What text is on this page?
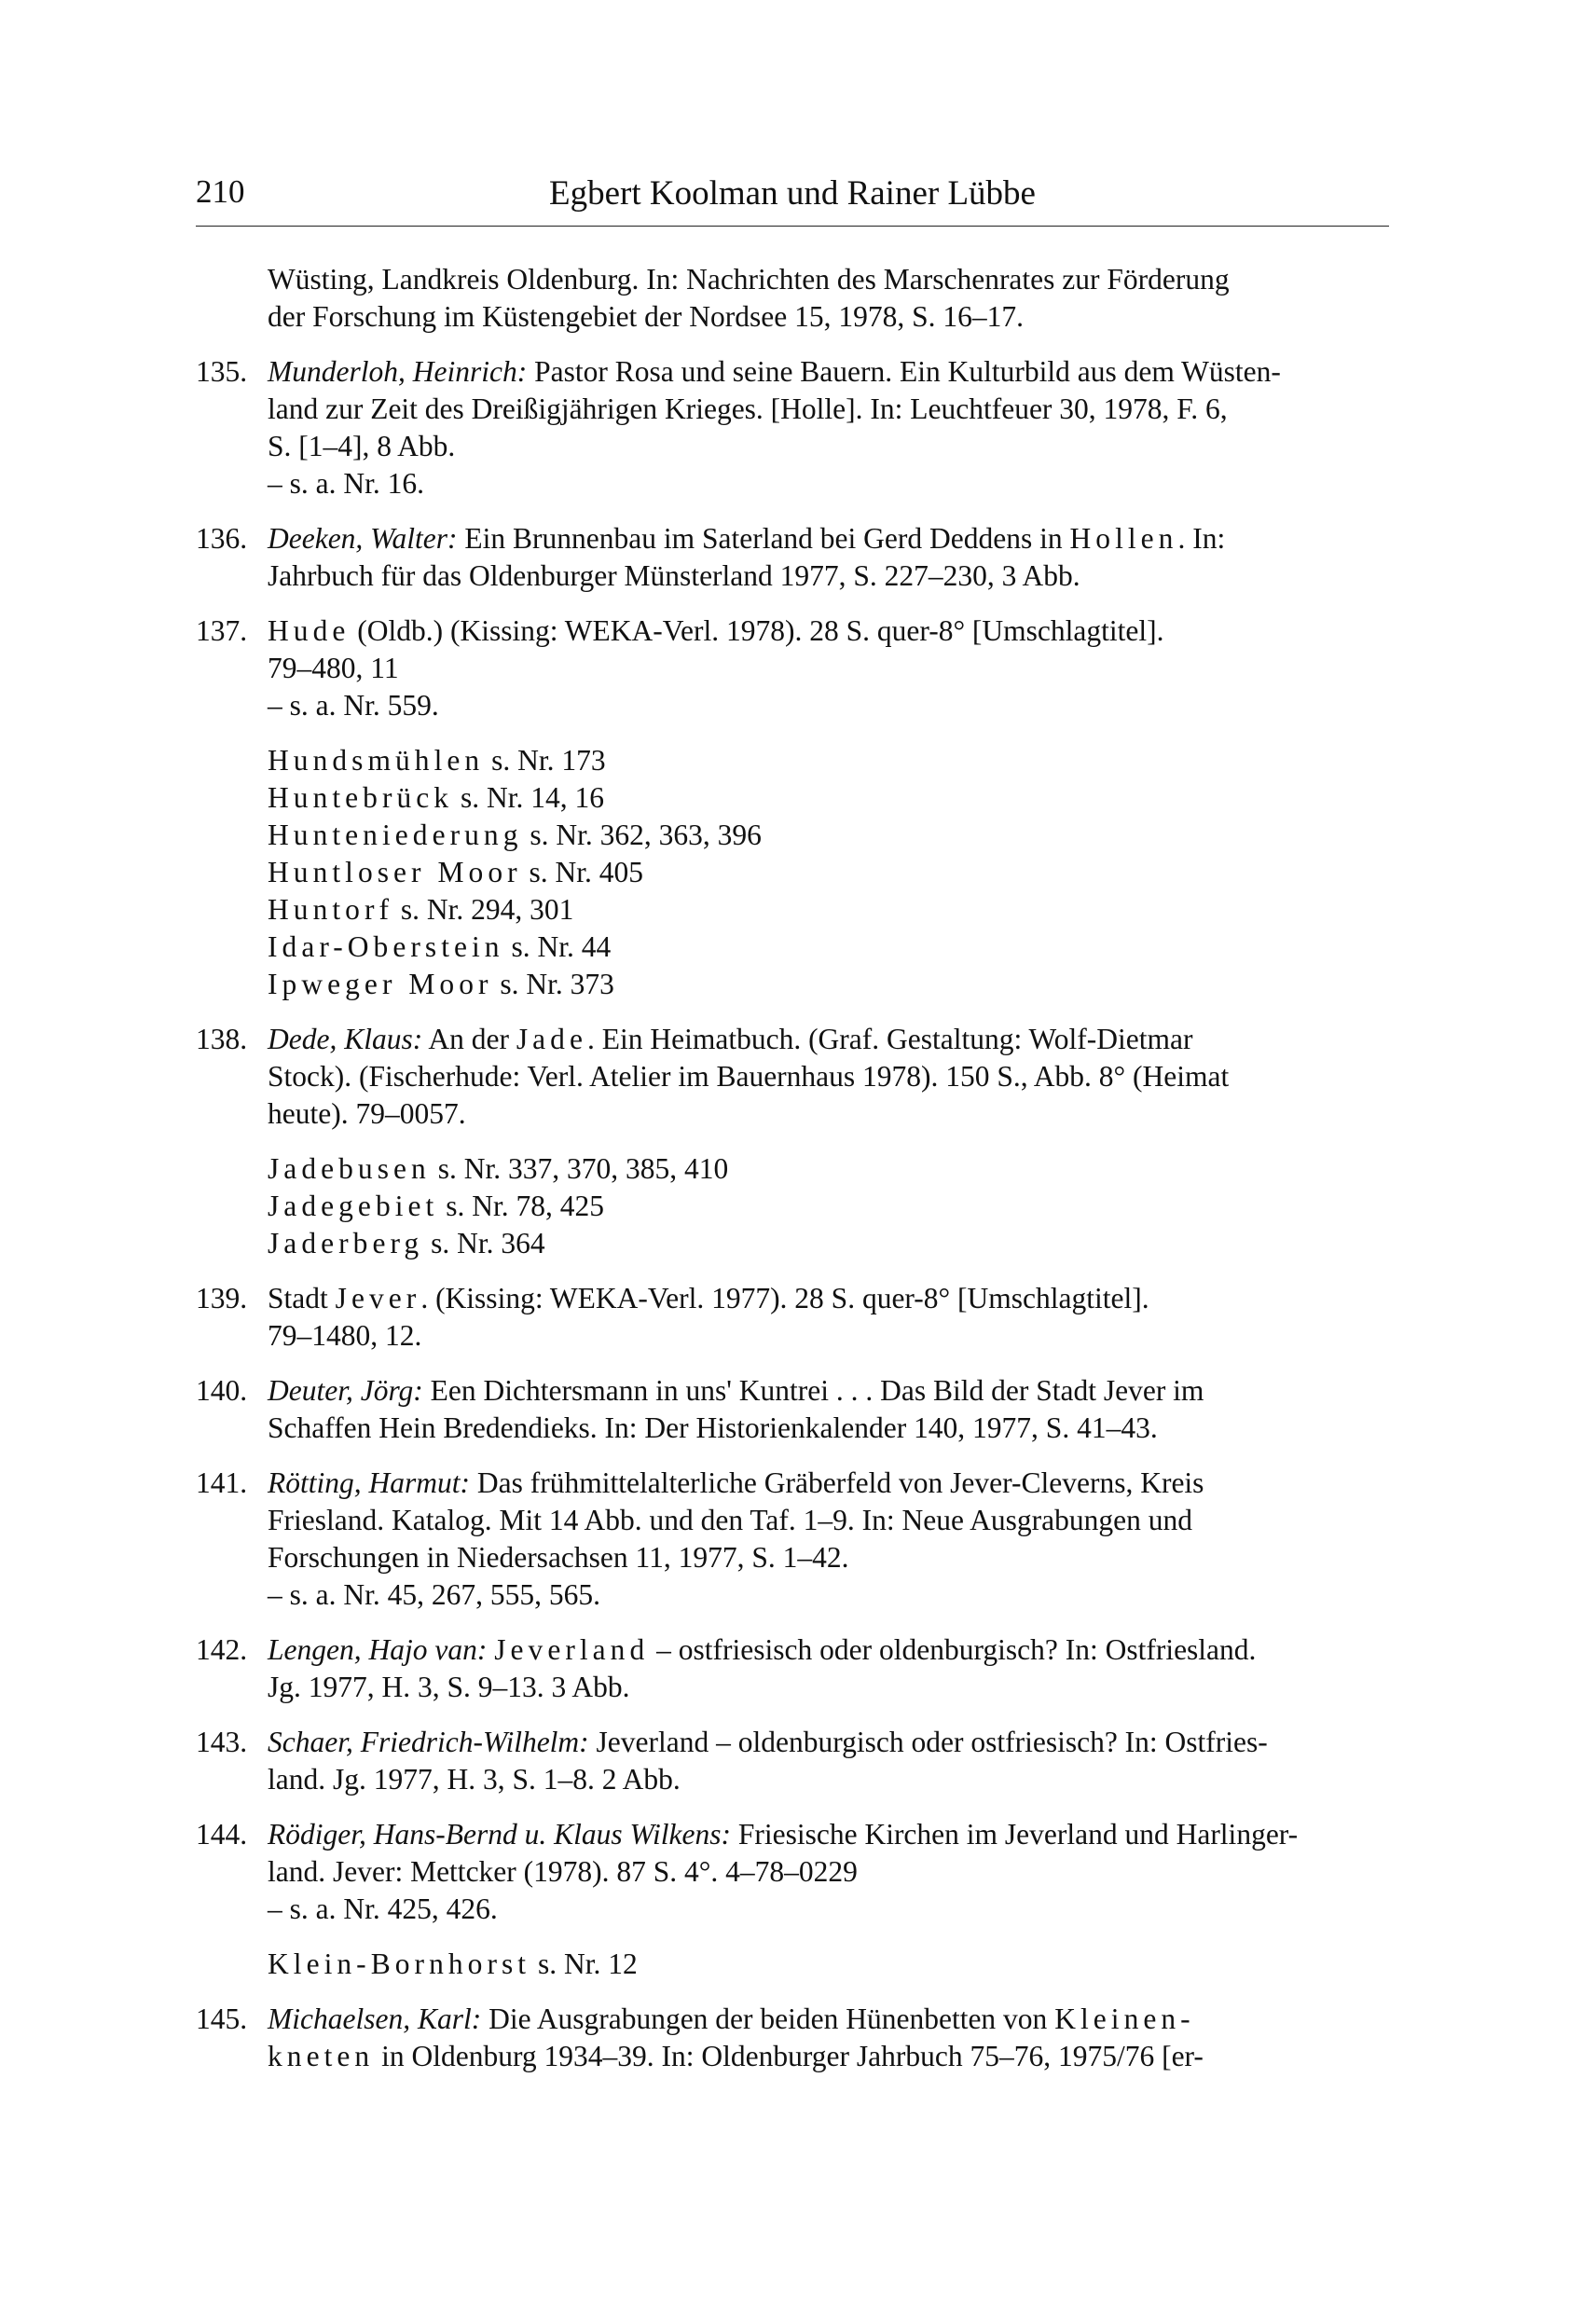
210	Egbert Koolman und Rainer Lübbe
Wüsting, Landkreis Oldenburg. In: Nachrichten des Marschenrates zur Förderung
der Forschung im Küstengebiet der Nordsee 15, 1978, S. 16–17.
135. Munderloh, Heinrich: Pastor Rosa und seine Bauern. Ein Kulturbild aus dem Wüsten-
land zur Zeit des Dreißigjährigen Krieges. [Holle]. In: Leuchtfeuer 30, 1978, F. 6,
S. [1–4], 8 Abb.
– s. a. Nr. 16.
136. Deeken, Walter: Ein Brunnenbau im Saterland bei Gerd Deddens in Hollen. In:
Jahrbuch für das Oldenburger Münsterland 1977, S. 227–230, 3 Abb.
137. Hude (Oldb.) (Kissing: WEKA-Verl. 1978). 28 S. quer-8° [Umschlagtitel].
79–480, 11
– s. a. Nr. 559.
Hundsmühlen s. Nr. 173
Huntebrück s. Nr. 14, 16
Hunteniederung s. Nr. 362, 363, 396
Huntloser Moor s. Nr. 405
Huntorf s. Nr. 294, 301
Idar-Oberstein s. Nr. 44
Ipweger Moor s. Nr. 373
138. Dede, Klaus: An der Jade. Ein Heimatbuch. (Graf. Gestaltung: Wolf-Dietmar
Stock). (Fischerhude: Verl. Atelier im Bauernhaus 1978). 150 S., Abb. 8° (Heimat
heute). 79–0057.
Jadebusen s. Nr. 337, 370, 385, 410
Jadegebiet s. Nr. 78, 425
Jaderberg s. Nr. 364
139. Stadt Jever. (Kissing: WEKA-Verl. 1977). 28 S. quer-8° [Umschlagtitel].
79–1480, 12.
140. Deuter, Jörg: Een Dichtersmann in uns' Kuntrei . . . Das Bild der Stadt Jever im
Schaffen Hein Bredendieks. In: Der Historienkalender 140, 1977, S. 41–43.
141. Rötting, Harmut: Das frühmittelalterliche Gräberfeld von Jever-Cleverns, Kreis
Friesland. Katalog. Mit 14 Abb. und den Taf. 1–9. In: Neue Ausgrabungen und
Forschungen in Niedersachsen 11, 1977, S. 1–42.
– s. a. Nr. 45, 267, 555, 565.
142. Lengen, Hajo van: Jeverland – ostfriesisch oder oldenburgisch? In: Ostfriesland.
Jg. 1977, H. 3, S. 9–13. 3 Abb.
143. Schaer, Friedrich-Wilhelm: Jeverland – oldenburgisch oder ostfriesisch? In: Ostfries-
land. Jg. 1977, H. 3, S. 1–8. 2 Abb.
144. Rödiger, Hans-Bernd u. Klaus Wilkens: Friesische Kirchen im Jeverland und Harlinger-
land. Jever: Mettcker (1978). 87 S. 4°. 4–78–0229
– s. a. Nr. 425, 426.
Klein-Bornhorst s. Nr. 12
145. Michaelsen, Karl: Die Ausgrabungen der beiden Hünenbetten von Kleinen-
kneten in Oldenburg 1934–39. In: Oldenburger Jahrbuch 75–76, 1975/76 [er-
